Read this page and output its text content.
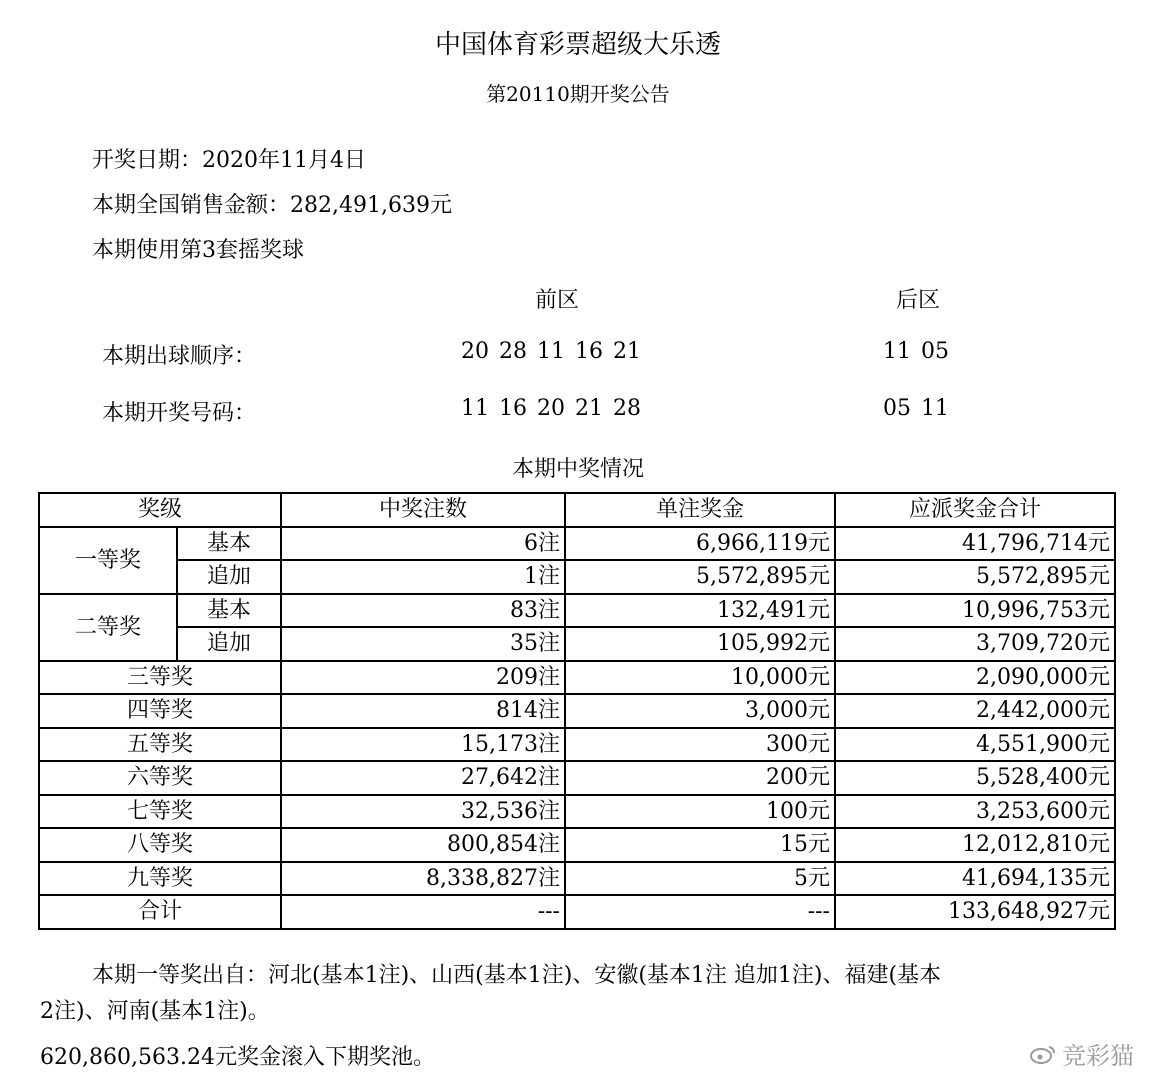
中国体育彩票超级大乐透
第20110期开奖公告
开奖日期：2020年11月4日
本期全国销售金额：282,491,639元
本期使用第3套摇奖球
前区	后区
本期出球顺序：	20 28 11 16 21	11 05
本期开奖号码：	11 16 20 21 28	05 11
本期中奖情况
奖级		中奖注数	单注奖金	应派奖金合计
一等奖	基本	6注	6,966,119元	41,796,714元
	追加	1注	5,572,895元	5,572,895元
二等奖	基本	83注	132,491元	10,996,753元
	追加	35注	105,992元	3,709,720元
三等奖		209注	10,000元	2,090,000元
四等奖		814注	3,000元	2,442,000元
五等奖		15,173注	300元	4,551,900元
六等奖		27,642注	200元	5,528,400元
七等奖		32,536注	100元	3,253,600元
八等奖		800,854注	15元	12,012,810元
九等奖		8,338,827注	5元	41,694,135元
合计		---	---	133,648,927元
本期一等奖出自：河北(基本1注)、山西(基本1注)、安徽(基本1注 追加1注)、福建(基本
2注)、河南(基本1注)。
620,860,563.24元奖金滚入下期奖池。	竞彩猫
